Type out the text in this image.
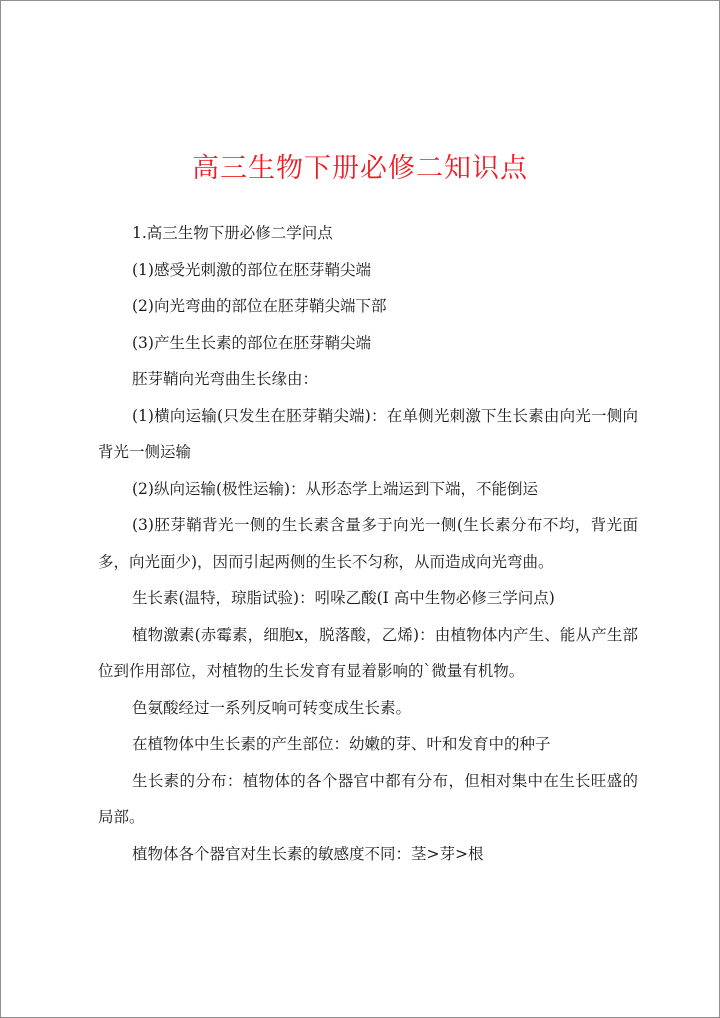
高三生物下册必修二知识点

1.高三生物下册必修二学问点

(1)感受光刺激的部位在胚芽鞘尖端

(2)向光弯曲的部位在胚芽鞘尖端下部

(3)产生生长素的部位在胚芽鞘尖端

胚芽鞘向光弯曲生长缘由：

(1)横向运输(只发生在胚芽鞘尖端)：在单侧光刺激下生长素由向光一侧向背光一侧运输

(2)纵向运输(极性运输)：从形态学上端运到下端，不能倒运

(3)胚芽鞘背光一侧的生长素含量多于向光一侧(生长素分布不均，背光面多，向光面少)，因而引起两侧的生长不匀称，从而造成向光弯曲。

生长素(温特，琼脂试验)：吲哚乙酸(I 高中生物必修三学问点)

植物激素(赤霉素，细胞x，脱落酸，乙烯)：由植物体内产生、能从产生部位到作用部位，对植物的生长发育有显着影响的`微量有机物。

色氨酸经过一系列反响可转变成生长素。

在植物体中生长素的产生部位：幼嫩的芽、叶和发育中的种子

生长素的分布：植物体的各个器官中都有分布，但相对集中在生长旺盛的局部。

植物体各个器官对生长素的敏感度不同：茎>芽>根
